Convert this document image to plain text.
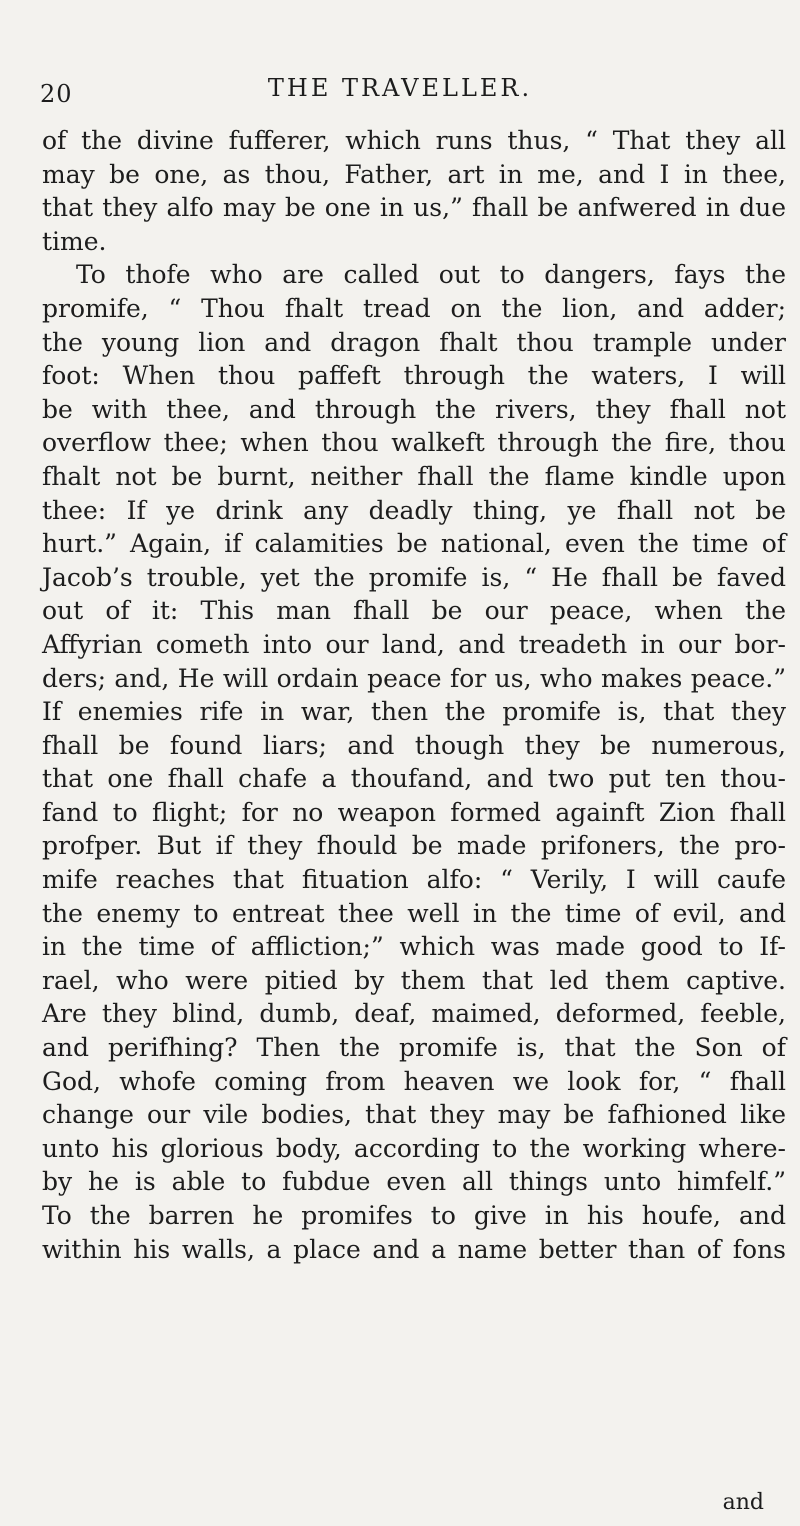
20	THE TRAVELLER.
of the divine fufferer, which runs thus, “ That they all
may be one, as thou, Father, art in me, and I in thee,
that they alfo may be one in us,” fhall be anfwered in due
time.
To thofe who are called out to dangers, fays the
promife, “ Thou fhalt tread on the lion, and adder;
the young lion and dragon fhalt thou trample under
foot: When thou paffeft through the waters, I will
be with thee, and through the rivers, they fhall not
overflow thee; when thou walkeft through the fire, thou
fhalt not be burnt, neither fhall the flame kindle upon
thee: If ye drink any deadly thing, ye fhall not be
hurt.” Again, if calamities be national, even the time of
Jacob’s trouble, yet the promife is, “ He fhall be faved
out of it: This man fhall be our peace, when the
Affyrian cometh into our land, and treadeth in our bor-
ders; and, He will ordain peace for us, who makes peace.”
If enemies rife in war, then the promife is, that they
fhall be found liars; and though they be numerous,
that one fhall chafe a thoufand, and two put ten thou-
fand to flight; for no weapon formed againft Zion fhall
profper. But if they fhould be made prifoners, the pro-
mife reaches that fituation alfo: “ Verily, I will caufe
the enemy to entreat thee well in the time of evil, and
in the time of affliction;” which was made good to If-
rael, who were pitied by them that led them captive.
Are they blind, dumb, deaf, maimed, deformed, feeble,
and perifhing? Then the promife is, that the Son of
God, whofe coming from heaven we look for, “ fhall
change our vile bodies, that they may be fafhioned like
unto his glorious body, according to the working where-
by he is able to fubdue even all things unto himfelf.”
To the barren he promifes to give in his houfe, and
within his walls, a place and a name better than of fons
and
